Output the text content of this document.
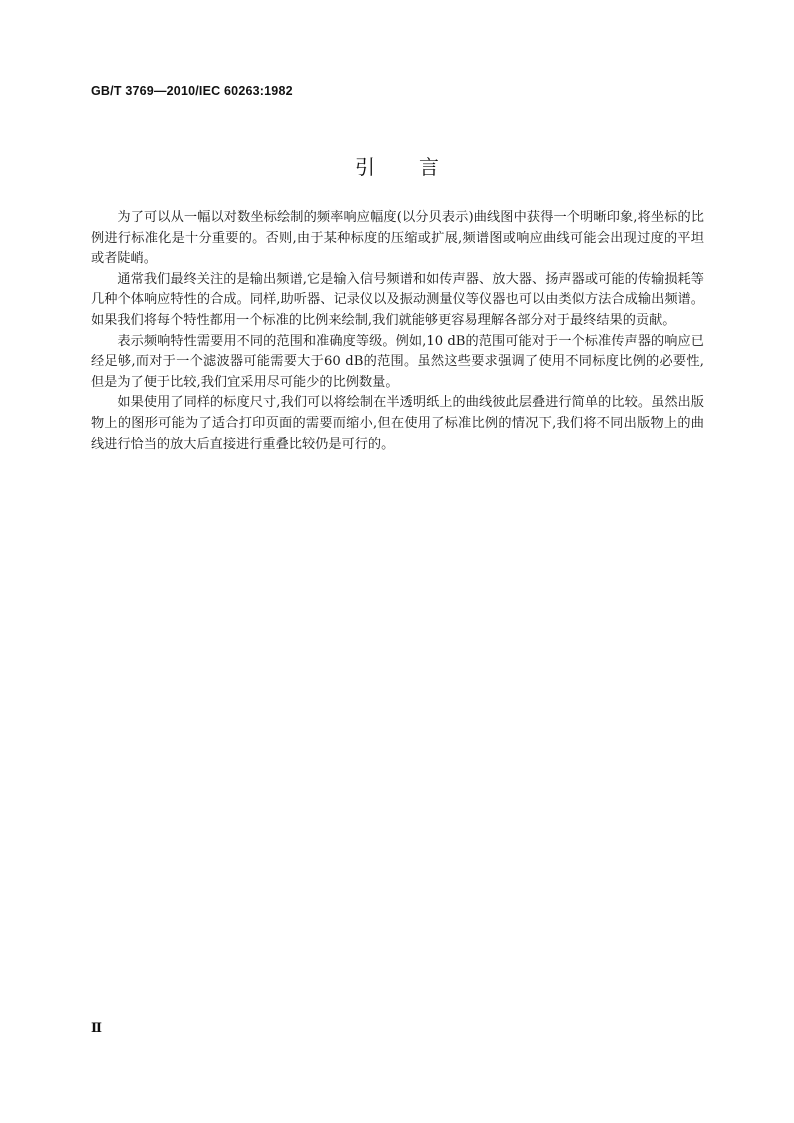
GB/T 3769—2010/IEC 60263:1982
引言

为了可以从一幅以对数坐标绘制的频率响应幅度(以分贝表示)曲线图中获得一个明晰印象,将坐标的比例进行标准化是十分重要的。否则,由于某种标度的压缩或扩展,频谱图或响应曲线可能会出现过度的平坦或者陡峭。

通常我们最终关注的是输出频谱,它是输入信号频谱和如传声器、放大器、扬声器或可能的传输损耗等几种个体响应特性的合成。同样,助听器、记录仪以及振动测量仪等仪器也可以由类似方法合成输出频谱。如果我们将每个特性都用一个标准的比例来绘制,我们就能够更容易理解各部分对于最终结果的贡献。

表示频响特性需要用不同的范围和准确度等级。例如,10 dB的范围可能对于一个标准传声器的响应已经足够,而对于一个滤波器可能需要大于60 dB的范围。虽然这些要求强调了使用不同标度比例的必要性,但是为了便于比较,我们宜采用尽可能少的比例数量。

如果使用了同样的标度尺寸,我们可以将绘制在半透明纸上的曲线彼此层叠进行简单的比较。虽然出版物上的图形可能为了适合打印页面的需要而缩小,但在使用了标准比例的情况下,我们将不同出版物上的曲线进行恰当的放大后直接进行重叠比较仍是可行的。

Ⅱ
